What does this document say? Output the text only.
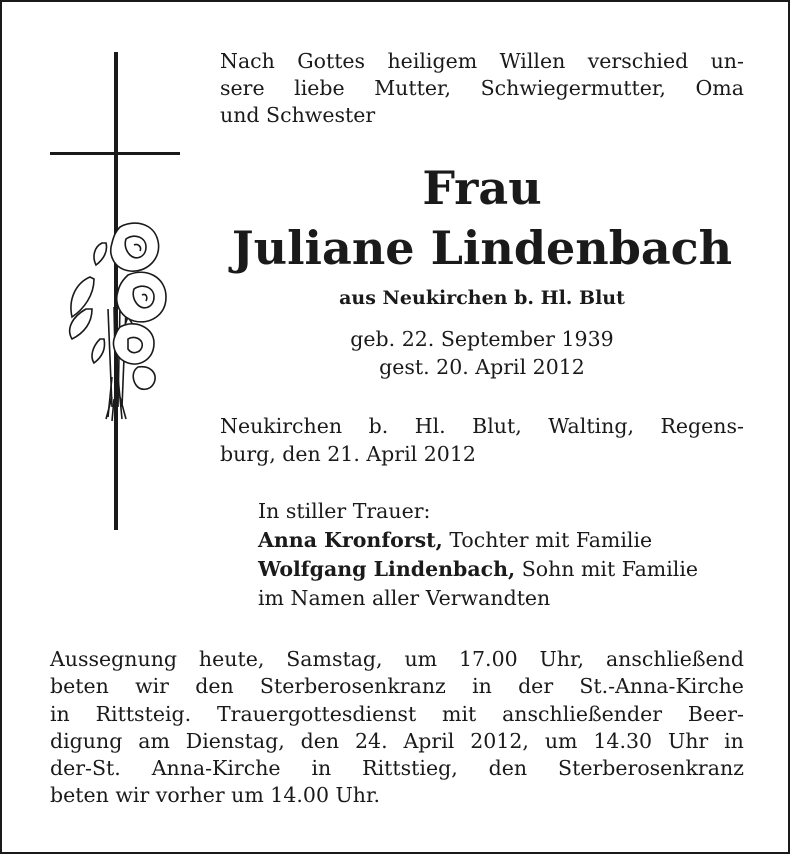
Nach Gottes heiligem Willen verschied un-
sere liebe Mutter, Schwiegermutter, Oma
und Schwester

Frau

Juliane Lindenbach

aus Neukirchen b. Hl. Blut

geb. 22. September 1939
gest. 20. April 2012

Neukirchen b. Hl. Blut, Walting, Regens-
burg, den 21. April 2012

In stiller Trauer:
Anna Kronforst, Tochter mit Familie
Wolfgang Lindenbach, Sohn mit Familie
im Namen aller Verwandten

Aussegnung heute, Samstag, um 17.00 Uhr, anschließend
beten wir den Sterberosenkranz in der St.-Anna-Kirche
in Rittsteig. Trauergottesdienst mit anschließender Beer-
digung am Dienstag, den 24. April 2012, um 14.30 Uhr in
der-St. Anna-Kirche in Rittstieg, den Sterberosenkranz
beten wir vorher um 14.00 Uhr.
